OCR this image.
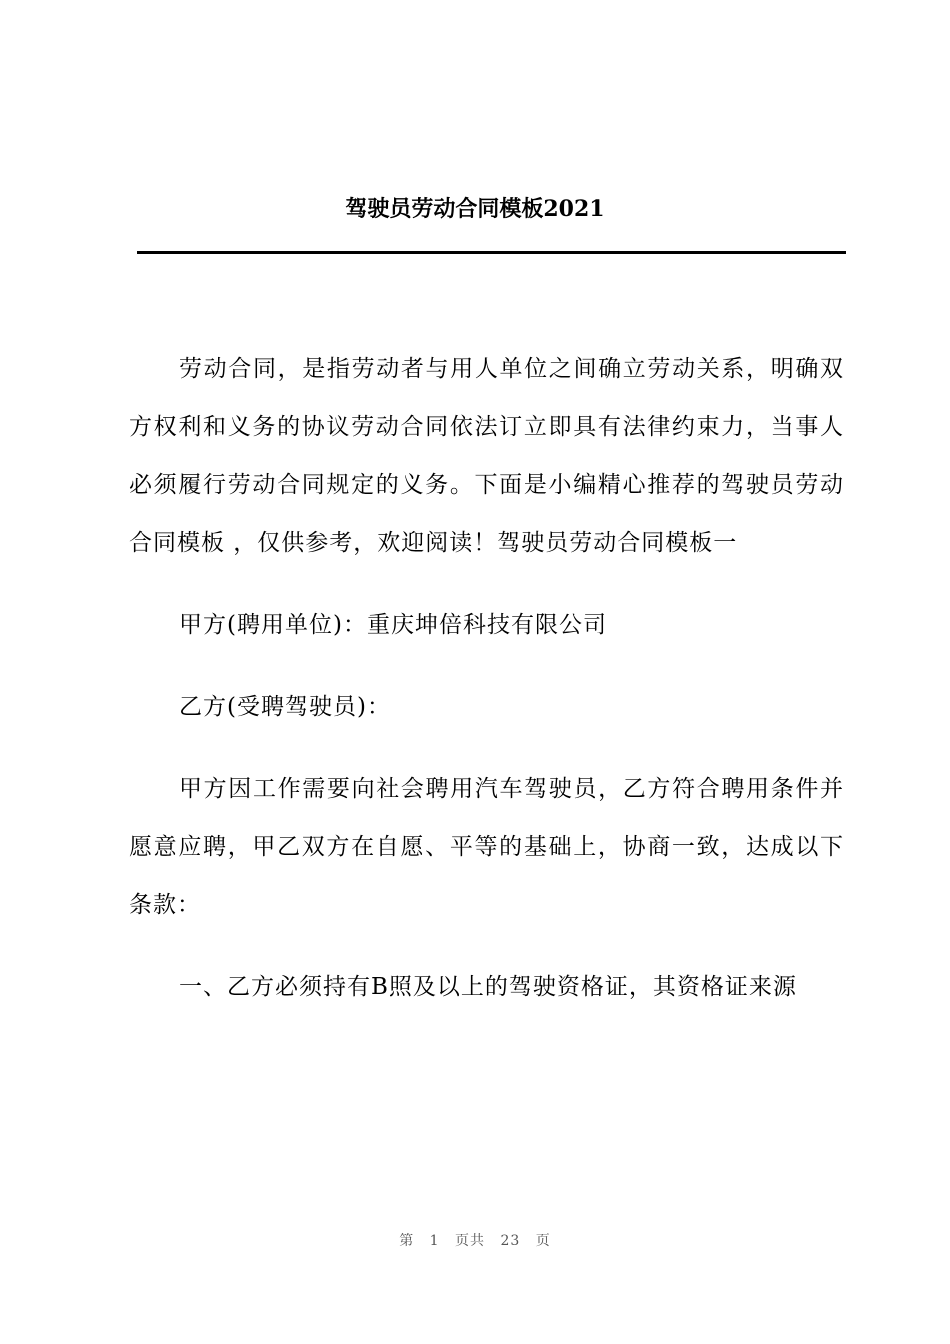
驾驶员劳动合同模板2021

劳动合同，是指劳动者与用人单位之间确立劳动关系，明确双方权利和义务的协议劳动合同依法订立即具有法律约束力，当事人必须履行劳动合同规定的义务。下面是小编精心推荐的驾驶员劳动合同模板 ，仅供参考，欢迎阅读！驾驶员劳动合同模板一

甲方(聘用单位)：重庆坤倍科技有限公司

乙方(受聘驾驶员)：

甲方因工作需要向社会聘用汽车驾驶员，乙方符合聘用条件并愿意应聘，甲乙双方在自愿、平等的基础上，协商一致，达成以下条款：

一、乙方必须持有B照及以上的驾驶资格证，其资格证来源

第 1 页共 23 页
